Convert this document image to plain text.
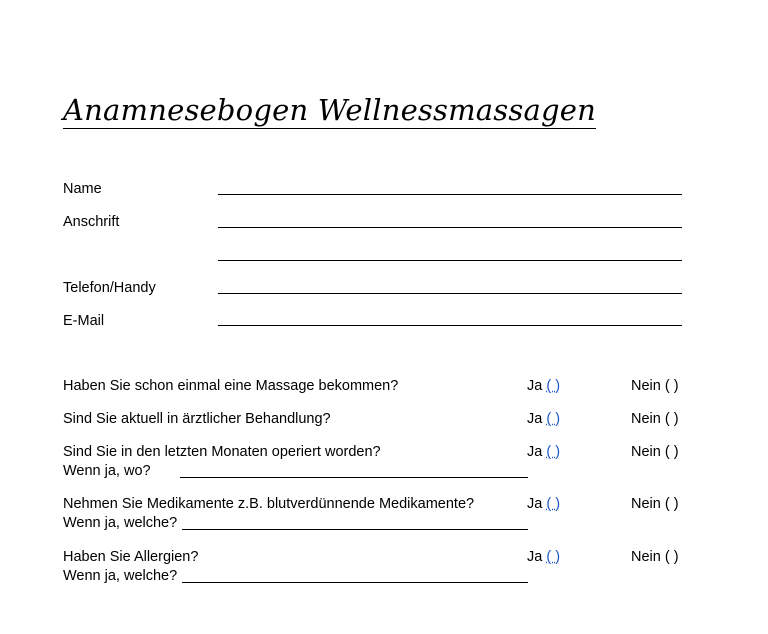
Anamnesebogen Wellnessmassagen
Name
Anschrift
Telefon/Handy
E-Mail
Haben Sie schon einmal eine Massage bekommen?	Ja ( )	Nein ( )
Sind Sie aktuell in ärztlicher Behandlung?	Ja ( )	Nein ( )
Sind Sie in den letzten Monaten operiert worden?	Ja ( )	Nein ( )
Wenn ja, wo?
Nehmen Sie Medikamente z.B. blutverdünnende Medikamente?	Ja ( )	Nein ( )
Wenn ja, welche?
Haben Sie Allergien?	Ja ( )	Nein ( )
Wenn ja, welche?
